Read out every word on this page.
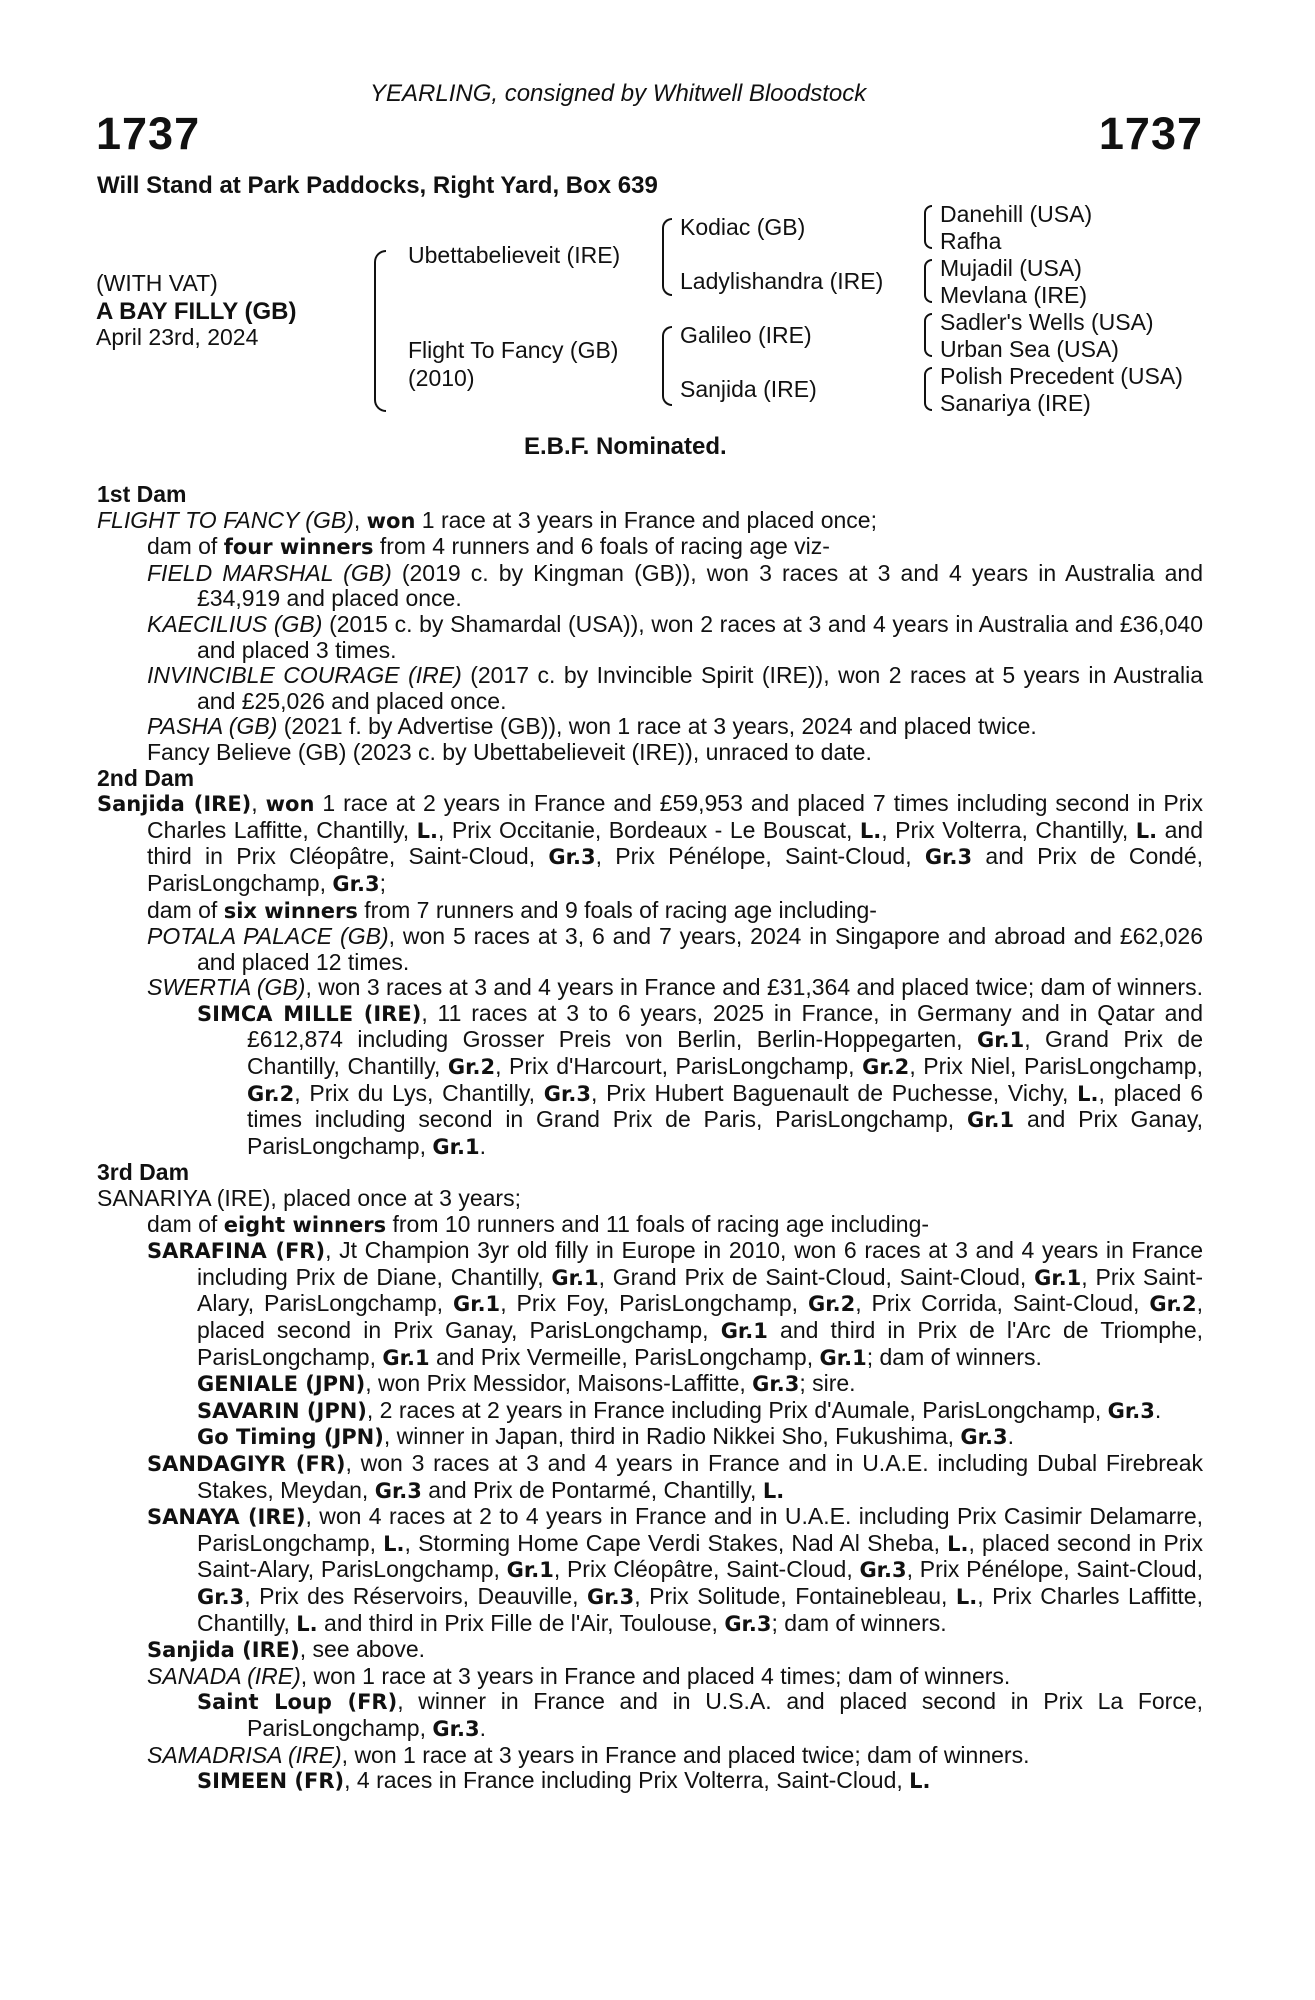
YEARLING, consigned by Whitwell Bloodstock
1737	1737
Will Stand at Park Paddocks, Right Yard, Box 639
(WITH VAT)
A BAY FILLY (GB)
April 23rd, 2024
Ubettabelieveit (IRE)
Flight To Fancy (GB)
(2010)
Kodiac (GB)
Ladylishandra (IRE)
Galileo (IRE)
Sanjida (IRE)
Danehill (USA)
Rafha
Mujadil (USA)
Mevlana (IRE)
Sadler's Wells (USA)
Urban Sea (USA)
Polish Precedent (USA)
Sanariya (IRE)
E.B.F. Nominated.

1st Dam

FLIGHT TO FANCY (GB), won 1 race at 3 years in France and placed once;
dam of four winners from 4 runners and 6 foals of racing age viz-

FIELD MARSHAL (GB) (2019 c. by Kingman (GB)), won 3 races at 3 and 4 years in Australia and £34,919 and placed once.

KAECILIUS (GB) (2015 c. by Shamardal (USA)), won 2 races at 3 and 4 years in Australia and £36,040 and placed 3 times.

INVINCIBLE COURAGE (IRE) (2017 c. by Invincible Spirit (IRE)), won 2 races at 5 years in Australia and £25,026 and placed once.

PASHA (GB) (2021 f. by Advertise (GB)), won 1 race at 3 years, 2024 and placed twice.

Fancy Believe (GB) (2023 c. by Ubettabelieveit (IRE)), unraced to date.

2nd Dam

Sanjida (IRE), won 1 race at 2 years in France and £59,953 and placed 7 times including second in Prix Charles Laffitte, Chantilly, L., Prix Occitanie, Bordeaux - Le Bouscat, L., Prix Volterra, Chantilly, L. and third in Prix Cléopâtre, Saint-Cloud, Gr.3, Prix Pénélope, Saint-Cloud, Gr.3 and Prix de Condé, ParisLongchamp, Gr.3;
dam of six winners from 7 runners and 9 foals of racing age including-

POTALA PALACE (GB), won 5 races at 3, 6 and 7 years, 2024 in Singapore and abroad and £62,026 and placed 12 times.

SWERTIA (GB), won 3 races at 3 and 4 years in France and £31,364 and placed twice; dam of winners.

SIMCA MILLE (IRE), 11 races at 3 to 6 years, 2025 in France, in Germany and in Qatar and £612,874 including Grosser Preis von Berlin, Berlin-Hoppegarten, Gr.1, Grand Prix de Chantilly, Chantilly, Gr.2, Prix d'Harcourt, ParisLongchamp, Gr.2, Prix Niel, ParisLongchamp, Gr.2, Prix du Lys, Chantilly, Gr.3, Prix Hubert Baguenault de Puchesse, Vichy, L., placed 6 times including second in Grand Prix de Paris, ParisLongchamp, Gr.1 and Prix Ganay, ParisLongchamp, Gr.1.

3rd Dam

SANARIYA (IRE), placed once at 3 years;
dam of eight winners from 10 runners and 11 foals of racing age including-

SARAFINA (FR), Jt Champion 3yr old filly in Europe in 2010, won 6 races at 3 and 4 years in France including Prix de Diane, Chantilly, Gr.1, Grand Prix de Saint-Cloud, Saint-Cloud, Gr.1, Prix Saint-Alary, ParisLongchamp, Gr.1, Prix Foy, ParisLongchamp, Gr.2, Prix Corrida, Saint-Cloud, Gr.2, placed second in Prix Ganay, ParisLongchamp, Gr.1 and third in Prix de l'Arc de Triomphe, ParisLongchamp, Gr.1 and Prix Vermeille, ParisLongchamp, Gr.1; dam of winners.

GENIALE (JPN), won Prix Messidor, Maisons-Laffitte, Gr.3; sire.

SAVARIN (JPN), 2 races at 2 years in France including Prix d'Aumale, ParisLongchamp, Gr.3.

Go Timing (JPN), winner in Japan, third in Radio Nikkei Sho, Fukushima, Gr.3.

SANDAGIYR (FR), won 3 races at 3 and 4 years in France and in U.A.E. including Dubal Firebreak Stakes, Meydan, Gr.3 and Prix de Pontarmé, Chantilly, L.

SANAYA (IRE), won 4 races at 2 to 4 years in France and in U.A.E. including Prix Casimir Delamarre, ParisLongchamp, L., Storming Home Cape Verdi Stakes, Nad Al Sheba, L., placed second in Prix Saint-Alary, ParisLongchamp, Gr.1, Prix Cléopâtre, Saint-Cloud, Gr.3, Prix Pénélope, Saint-Cloud, Gr.3, Prix des Réservoirs, Deauville, Gr.3, Prix Solitude, Fontainebleau, L., Prix Charles Laffitte, Chantilly, L. and third in Prix Fille de l'Air, Toulouse, Gr.3; dam of winners.

Sanjida (IRE), see above.

SANADA (IRE), won 1 race at 3 years in France and placed 4 times; dam of winners.

Saint Loup (FR), winner in France and in U.S.A. and placed second in Prix La Force, ParisLongchamp, Gr.3.

SAMADRISA (IRE), won 1 race at 3 years in France and placed twice; dam of winners.

SIMEEN (FR), 4 races in France including Prix Volterra, Saint-Cloud, L.
